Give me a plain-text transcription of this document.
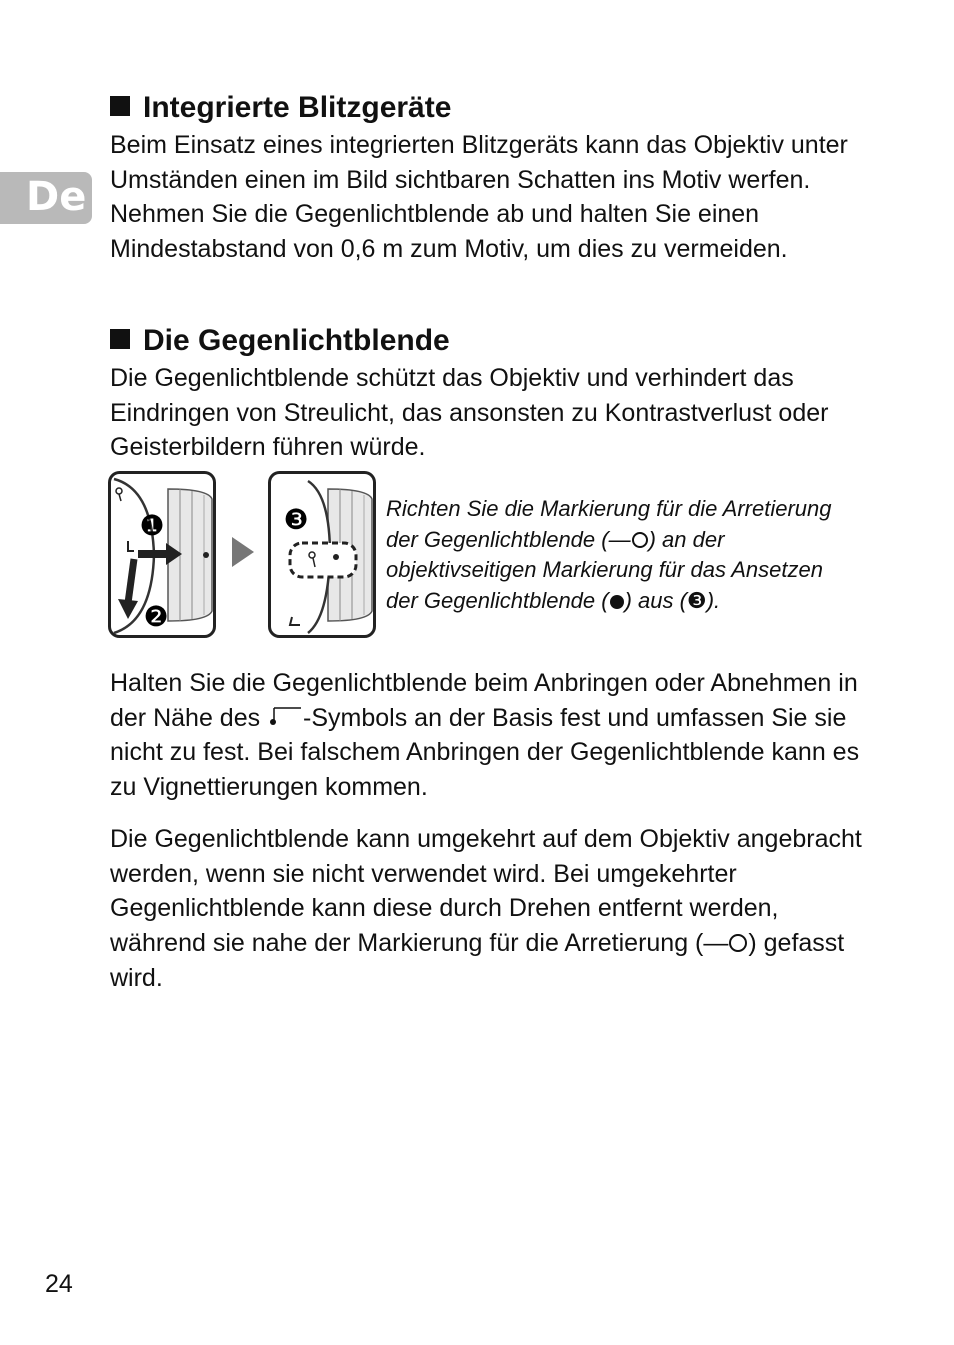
De
Integrierte Blitzgeräte

Beim Einsatz eines integrierten Blitzgeräts kann das Objektiv unter Umständen einen im Bild sichtbaren Schatten ins Motiv werfen. Nehmen Sie die Gegenlichtblende ab und halten Sie einen Mindestabstand von 0,6 m zum Motiv, um dies zu vermeiden.

Die Gegenlichtblende

Die Gegenlichtblende schützt das Objektiv und verhindert das Eindringen von Streulicht, das ansonsten zu Kontrastverlust oder Geisterbildern führen würde.

❶
❷
❸	Richten Sie die Markierung für die Arretierung der Gegenlichtblende (— ) an der objektivseitigen Markierung für das Ansetzen der Gegenlichtblende ( ) aus (❸).

Halten Sie die Gegenlichtblende beim Anbringen oder Abnehmen in der Nähe des -Symbols an der Basis fest und umfassen Sie sie nicht zu fest. Bei falschem Anbringen der Gegenlichtblende kann es zu Vignettierungen kommen.

Die Gegenlichtblende kann umgekehrt auf dem Objektiv angebracht werden, wenn sie nicht verwendet wird. Bei umgekehrter Gegenlichtblende kann diese durch Drehen entfernt werden, während sie nahe der Markierung für die Arretierung (— ) gefasst wird.

24
